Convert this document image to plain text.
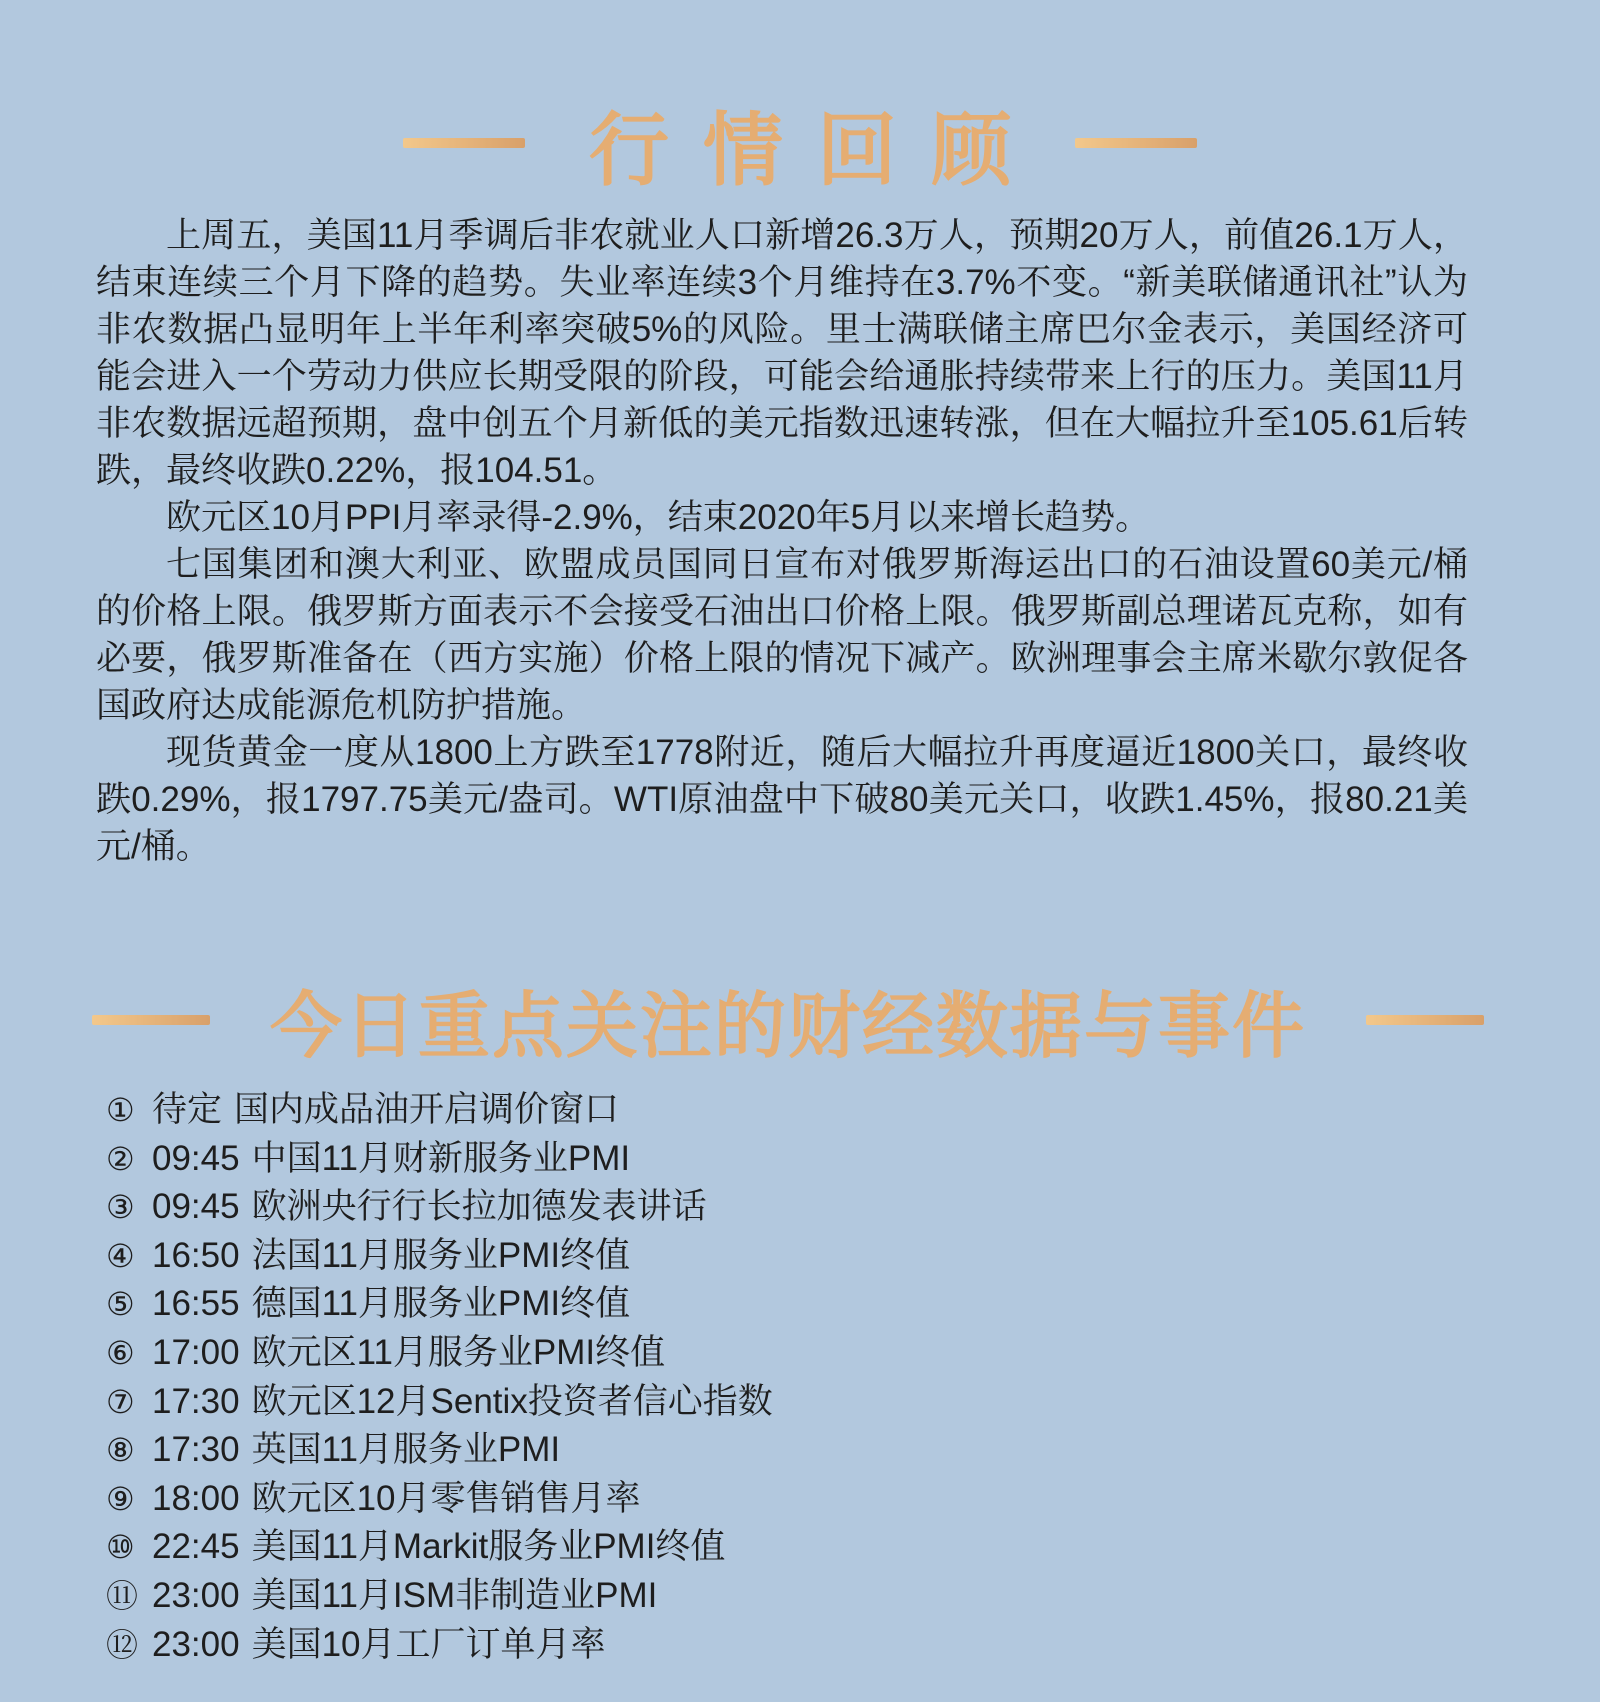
行情回顾

上周五，美国11月季调后非农就业人口新增26.3万人，预期20万人，前值26.1万人，结束连续三个月下降的趋势。失业率连续3个月维持在3.7%不变。“新美联储通讯社”认为非农数据凸显明年上半年利率突破5%的风险。里士满联储主席巴尔金表示，美国经济可能会进入一个劳动力供应长期受限的阶段，可能会给通胀持续带来上行的压力。美国11月非农数据远超预期，盘中创五个月新低的美元指数迅速转涨，但在大幅拉升至105.61后转跌，最终收跌0.22%，报104.51。

欧元区10月PPI月率录得-2.9%，结束2020年5月以来增长趋势。

七国集团和澳大利亚、欧盟成员国同日宣布对俄罗斯海运出口的石油设置60美元/桶的价格上限。俄罗斯方面表示不会接受石油出口价格上限。俄罗斯副总理诺瓦克称，如有必要，俄罗斯准备在（西方实施）价格上限的情况下减产。欧洲理事会主席米歇尔敦促各国政府达成能源危机防护措施。

现货黄金一度从1800上方跌至1778附近，随后大幅拉升再度逼近1800关口，最终收跌0.29%，报1797.75美元/盎司。WTI原油盘中下破80美元关口，收跌1.45%，报80.21美元/桶。

今日重点关注的财经数据与事件
① 待定 国内成品油开启调价窗口
② 09:45 中国11月财新服务业PMI
③ 09:45 欧洲央行行长拉加德发表讲话
④ 16:50 法国11月服务业PMI终值
⑤ 16:55 德国11月服务业PMI终值
⑥ 17:00 欧元区11月服务业PMI终值
⑦ 17:30 欧元区12月Sentix投资者信心指数
⑧ 17:30 英国11月服务业PMI
⑨ 18:00 欧元区10月零售销售月率
⑩ 22:45 美国11月Markit服务业PMI终值
⑪ 23:00 美国11月ISM非制造业PMI
⑫ 23:00 美国10月工厂订单月率
